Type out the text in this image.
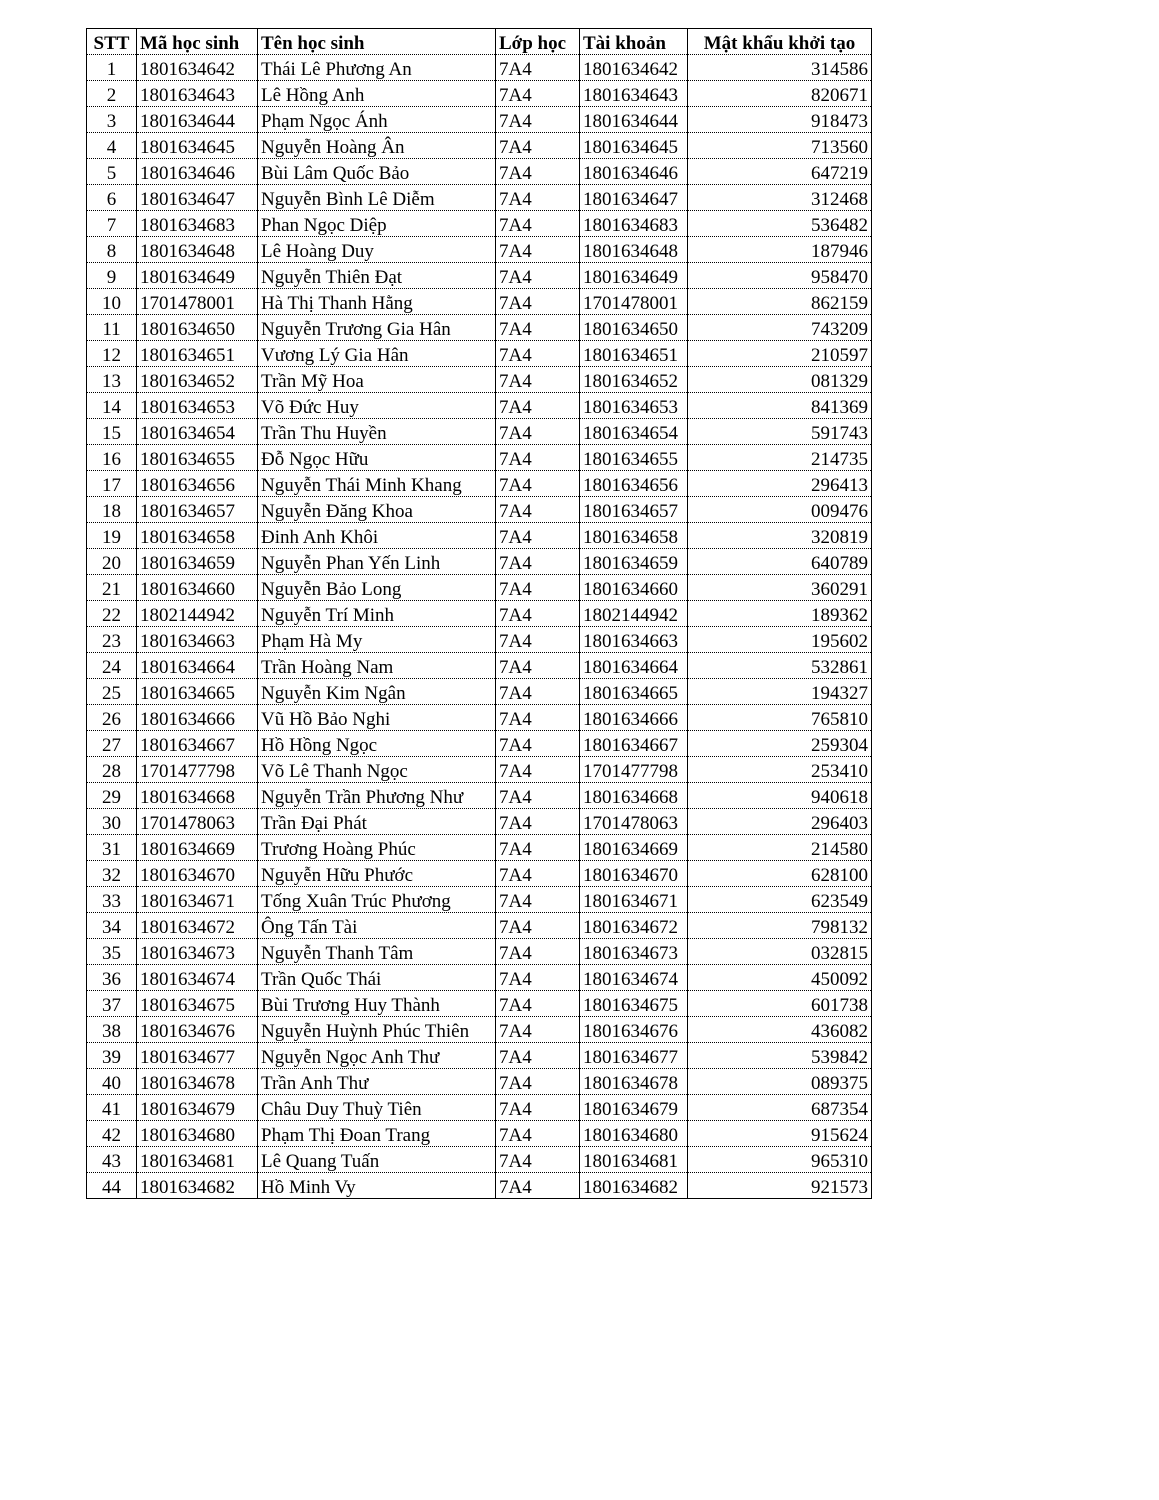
STT	Mã học sinh	Tên học sinh	Lớp học	Tài khoản	Mật khẩu khởi tạo
1	1801634642	Thái Lê Phương An	7A4	1801634642	314586
2	1801634643	Lê Hồng Anh	7A4	1801634643	820671
3	1801634644	Phạm Ngọc Ánh	7A4	1801634644	918473
4	1801634645	Nguyễn Hoàng Ân	7A4	1801634645	713560
5	1801634646	Bùi Lâm Quốc Bảo	7A4	1801634646	647219
6	1801634647	Nguyễn Bình Lê Diễm	7A4	1801634647	312468
7	1801634683	Phan Ngọc Diệp	7A4	1801634683	536482
8	1801634648	Lê Hoàng Duy	7A4	1801634648	187946
9	1801634649	Nguyễn Thiên Đạt	7A4	1801634649	958470
10	1701478001	Hà Thị Thanh Hằng	7A4	1701478001	862159
11	1801634650	Nguyễn Trương Gia Hân	7A4	1801634650	743209
12	1801634651	Vương Lý Gia Hân	7A4	1801634651	210597
13	1801634652	Trần Mỹ Hoa	7A4	1801634652	081329
14	1801634653	Võ Đức Huy	7A4	1801634653	841369
15	1801634654	Trần Thu Huyền	7A4	1801634654	591743
16	1801634655	Đỗ Ngọc Hữu	7A4	1801634655	214735
17	1801634656	Nguyễn Thái Minh Khang	7A4	1801634656	296413
18	1801634657	Nguyễn Đăng Khoa	7A4	1801634657	009476
19	1801634658	Đinh Anh Khôi	7A4	1801634658	320819
20	1801634659	Nguyễn Phan Yến Linh	7A4	1801634659	640789
21	1801634660	Nguyễn Bảo Long	7A4	1801634660	360291
22	1802144942	Nguyễn Trí Minh	7A4	1802144942	189362
23	1801634663	Phạm Hà My	7A4	1801634663	195602
24	1801634664	Trần Hoàng Nam	7A4	1801634664	532861
25	1801634665	Nguyễn Kim Ngân	7A4	1801634665	194327
26	1801634666	Vũ Hồ Bảo Nghi	7A4	1801634666	765810
27	1801634667	Hồ Hồng Ngọc	7A4	1801634667	259304
28	1701477798	Võ Lê Thanh Ngọc	7A4	1701477798	253410
29	1801634668	Nguyễn Trần Phương Như	7A4	1801634668	940618
30	1701478063	Trần Đại Phát	7A4	1701478063	296403
31	1801634669	Trương Hoàng Phúc	7A4	1801634669	214580
32	1801634670	Nguyễn Hữu Phước	7A4	1801634670	628100
33	1801634671	Tống Xuân Trúc Phương	7A4	1801634671	623549
34	1801634672	Ông Tấn Tài	7A4	1801634672	798132
35	1801634673	Nguyễn Thanh Tâm	7A4	1801634673	032815
36	1801634674	Trần Quốc Thái	7A4	1801634674	450092
37	1801634675	Bùi Trương Huy Thành	7A4	1801634675	601738
38	1801634676	Nguyễn Huỳnh Phúc Thiên	7A4	1801634676	436082
39	1801634677	Nguyễn Ngọc Anh Thư	7A4	1801634677	539842
40	1801634678	Trần Anh Thư	7A4	1801634678	089375
41	1801634679	Châu Duy Thuỳ Tiên	7A4	1801634679	687354
42	1801634680	Phạm Thị Đoan Trang	7A4	1801634680	915624
43	1801634681	Lê Quang Tuấn	7A4	1801634681	965310
44	1801634682	Hồ Minh Vy	7A4	1801634682	921573
